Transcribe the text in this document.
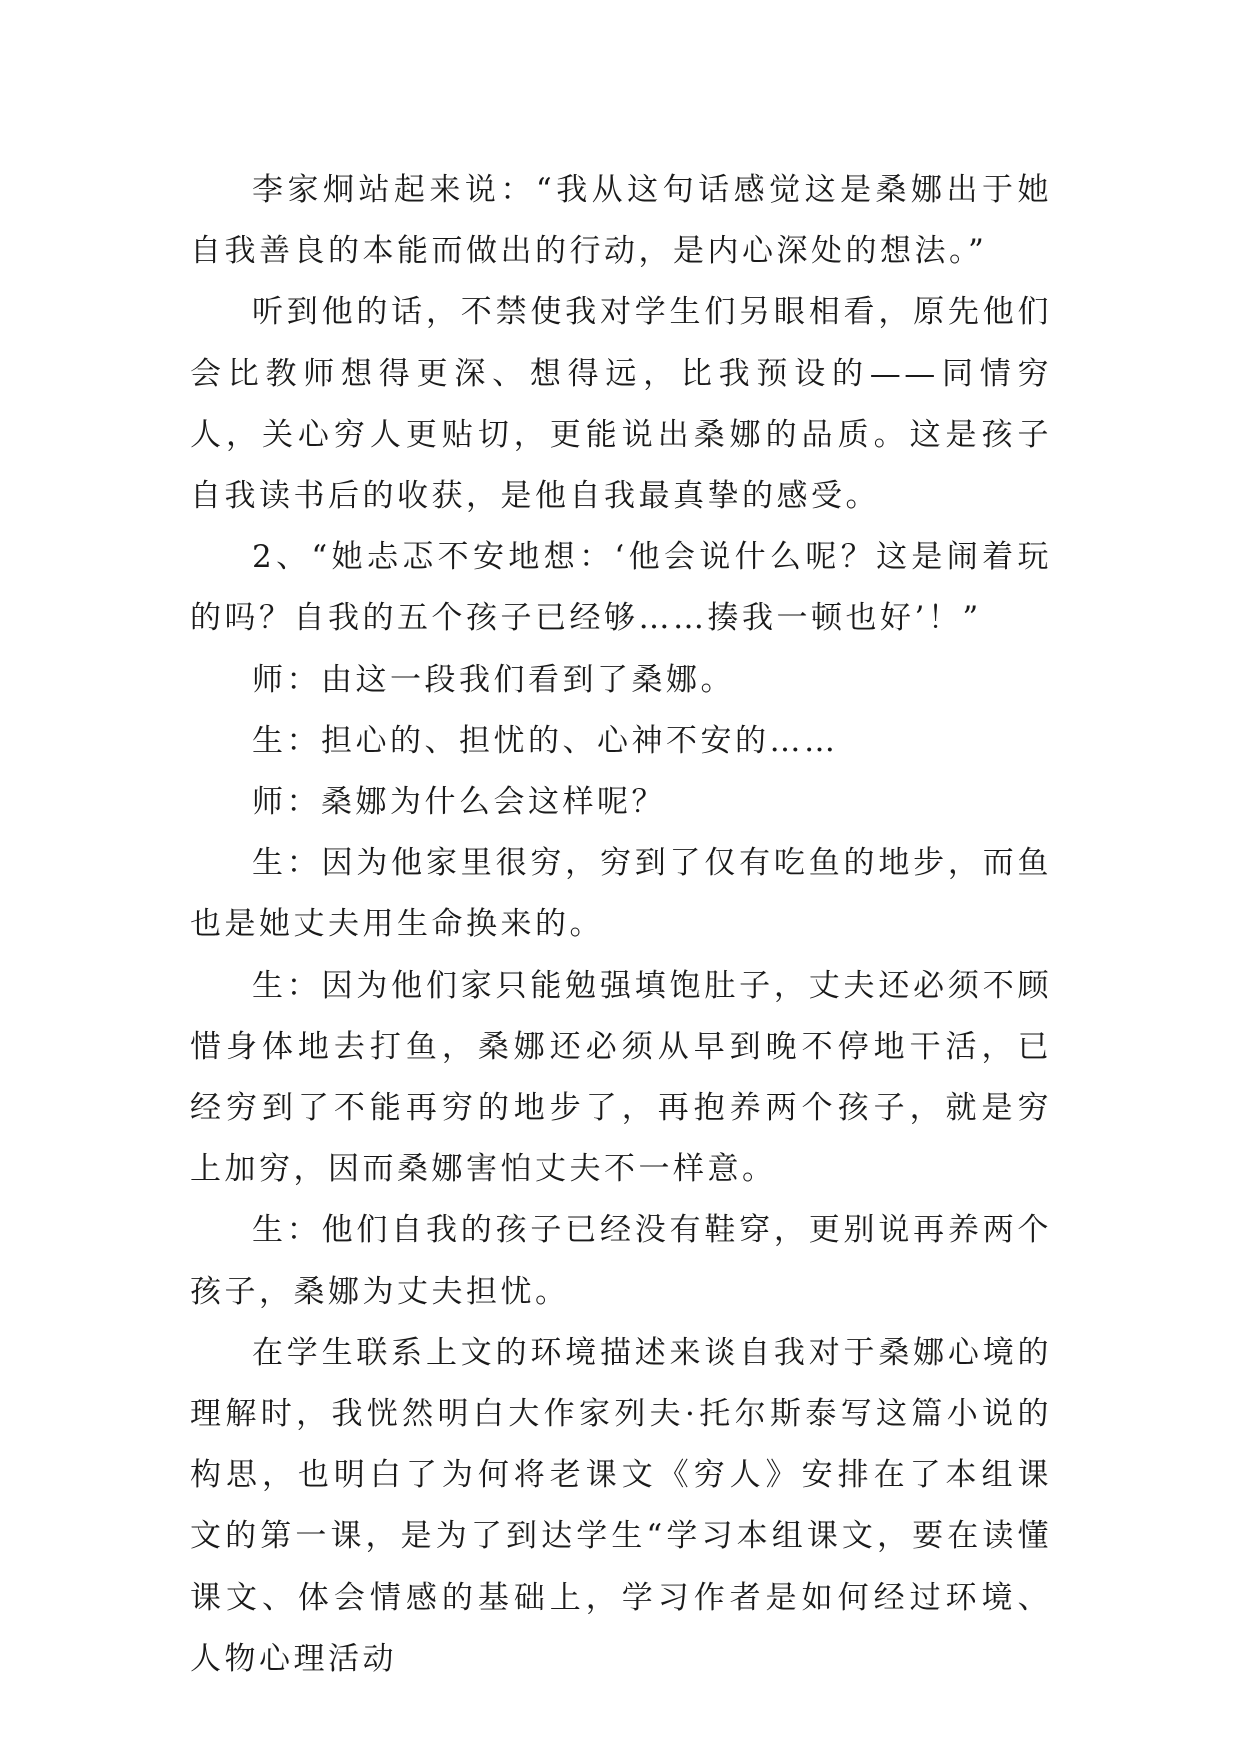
李家炯站起来说：“我从这句话感觉这是桑娜出于她自我善良的本能而做出的行动，是内心深处的想法。”

听到他的话，不禁使我对学生们另眼相看，原先他们会比教师想得更深、想得远，比我预设的——同情穷人，关心穷人更贴切，更能说出桑娜的品质。这是孩子自我读书后的收获，是他自我最真挚的感受。

2、“她忐忑不安地想：‘他会说什么呢？这是闹着玩的吗？自我的五个孩子已经够……揍我一顿也好’！”

师：由这一段我们看到了桑娜。

生：担心的、担忧的、心神不安的……

师：桑娜为什么会这样呢？

生：因为他家里很穷，穷到了仅有吃鱼的地步，而鱼也是她丈夫用生命换来的。

生：因为他们家只能勉强填饱肚子，丈夫还必须不顾惜身体地去打鱼，桑娜还必须从早到晚不停地干活，已经穷到了不能再穷的地步了，再抱养两个孩子，就是穷上加穷，因而桑娜害怕丈夫不一样意。

生：他们自我的孩子已经没有鞋穿，更别说再养两个孩子，桑娜为丈夫担忧。

在学生联系上文的环境描述来谈自我对于桑娜心境的理解时，我恍然明白大作家列夫·托尔斯泰写这篇小说的构思，也明白了为何将老课文《穷人》安排在了本组课文的第一课，是为了到达学生“学习本组课文，要在读懂课文、体会情感的基础上，学习作者是如何经过环境、人物心理活动
